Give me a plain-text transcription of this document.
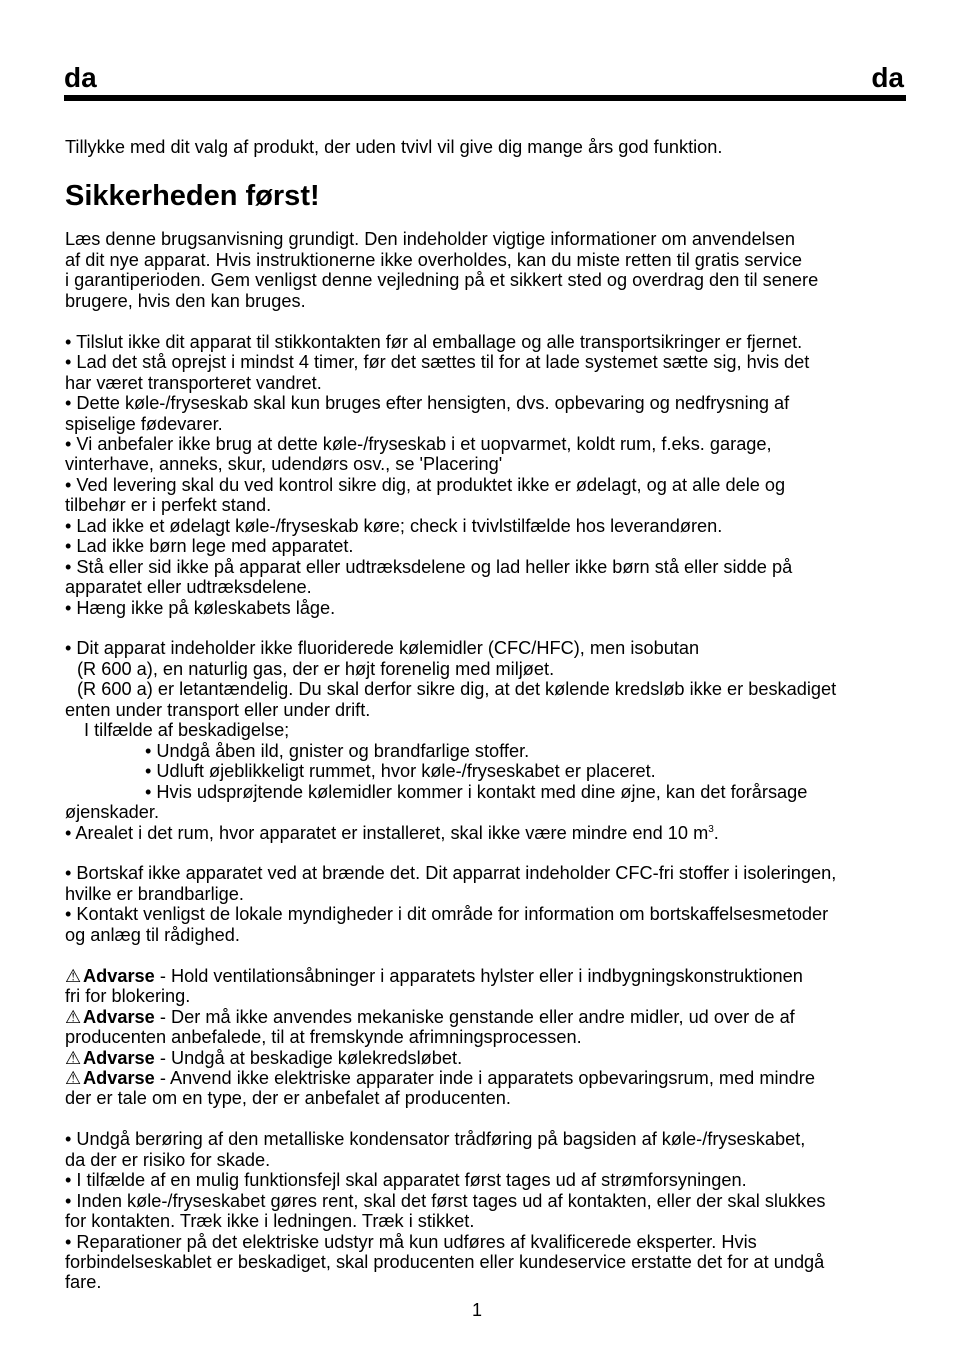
da	da

Tillykke med dit valg af produkt, der uden tvivl vil give dig mange års god funktion.

Sikkerheden først!
Læs denne brugsanvisning grundigt. Den indeholder vigtige informationer om anvendelsen
af dit nye apparat. Hvis instruktionerne ikke overholdes, kan du miste retten til gratis service
i garantiperioden. Gem venligst denne vejledning på et sikkert sted og overdrag den til senere
brugere, hvis den kan bruges.
• Tilslut ikke dit apparat til stikkontakten før al emballage og alle transportsikringer er fjernet.
• Lad det stå oprejst i mindst 4 timer, før det sættes til for at lade systemet sætte sig, hvis det
har været transporteret vandret.
• Dette køle-/fryseskab skal kun bruges efter hensigten, dvs. opbevaring og nedfrysning af
spiselige fødevarer.
• Vi anbefaler ikke brug at dette køle-/fryseskab i et uopvarmet, koldt rum, f.eks. garage,
vinterhave, anneks, skur, udendørs osv., se 'Placering'
• Ved levering skal du ved kontrol sikre dig, at produktet ikke er ødelagt, og at alle dele og
tilbehør er i perfekt stand.
• Lad ikke et ødelagt køle-/fryseskab køre; check i tvivlstilfælde hos leverandøren.
• Lad ikke børn lege med apparatet.
• Stå eller sid ikke på apparat eller udtræksdelene og lad heller ikke børn stå eller sidde på
apparatet eller udtræksdelene.
• Hæng ikke på køleskabets låge.
• Dit apparat indeholder ikke fluoriderede kølemidler (CFC/HFC), men isobutan
(R 600 a), en naturlig gas, der er højt forenelig med miljøet.
(R 600 a) er letantændelig. Du skal derfor sikre dig, at det kølende kredsløb ikke er beskadiget
enten under transport eller under drift.
I tilfælde af beskadigelse;
• Undgå åben ild, gnister og brandfarlige stoffer.
• Udluft øjeblikkeligt rummet, hvor køle-/fryseskabet er placeret.
• Hvis udsprøjtende kølemidler kommer i kontakt med dine øjne, kan det forårsage
øjenskader.
• Arealet i det rum, hvor apparatet er installeret, skal ikke være mindre end 10 $m^3$.
• Bortskaf ikke apparatet ved at brænde det. Dit apparrat indeholder CFC-fri stoffer i isoleringen,
hvilke er brandbarlige.
• Kontakt venligst de lokale myndigheder i dit område for information om bortskaffelsesmetoder
og anlæg til rådighed.
⚠Advarse - Hold ventilationsåbninger i apparatets hylster eller i indbygningskonstruktionen
fri for blokering.
⚠Advarse - Der må ikke anvendes mekaniske genstande eller andre midler, ud over de af
producenten anbefalede, til at fremskynde afrimningsprocessen.
⚠Advarse - Undgå at beskadige kølekredsløbet.
⚠Advarse - Anvend ikke elektriske apparater inde i apparatets opbevaringsrum, med mindre
der er tale om en type, der er anbefalet af producenten.
• Undgå berøring af den metalliske kondensator trådføring på bagsiden af køle-/fryseskabet,
da der er risiko for skade.
• I tilfælde af en mulig funktionsfejl skal apparatet først tages ud af strømforsyningen.
• Inden køle-/fryseskabet gøres rent, skal det først tages ud af kontakten, eller der skal slukkes
for kontakten. Træk ikke i ledningen. Træk i stikket.
• Reparationer på det elektriske udstyr må kun udføres af kvalificerede eksperter. Hvis
forbindelseskablet er beskadiget, skal producenten eller kundeservice erstatte det for at undgå
fare.
1
